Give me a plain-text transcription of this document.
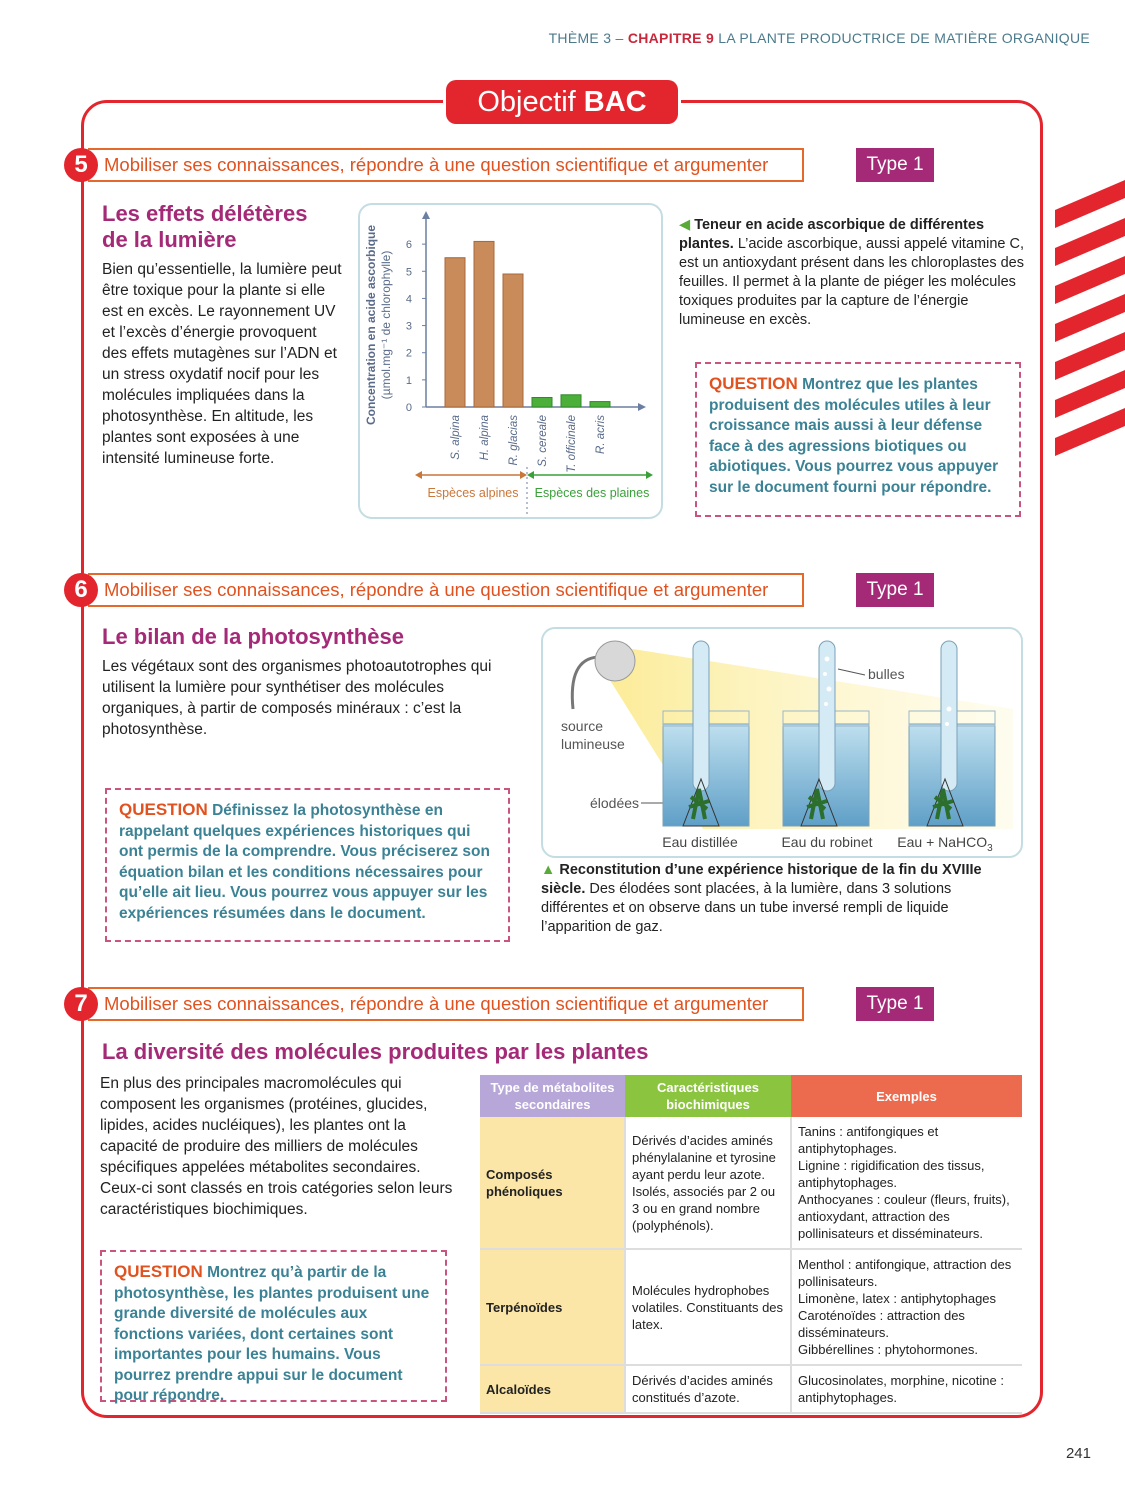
THÈME 3 – CHAPITRE 9 LA PLANTE PRODUCTRICE DE MATIÈRE ORGANIQUE
Objectif BAC
5 Mobiliser ses connaissances, répondre à une question scientifique et argumenter	Type 1
Les effets délétères
de la lumière
Bien qu’essentielle, la lumière peut être toxique pour la plante si elle est en excès. Le rayonnement UV et l’excès d’énergie provoquent des effets mutagènes sur l’ADN et un stress oxydatif nocif pour les molécules impliquées dans la photosynthèse. En altitude, les plantes sont exposées à une intensité lumineuse forte.
0
1
2
3
4
5
6
S. alpina H. alpina R. glacias S. cereale T. officinale R. acris
Concentration en acide ascorbique (µmol.mg⁻¹ de chlorophylle)
Espèces alpines Espèces des plaines
◀ Teneur en acide ascorbique de différentes plantes. L’acide ascorbique, aussi appelé vitamine C, est un antioxydant présent dans les chloroplastes des feuilles. Il permet à la plante de piéger les molécules toxiques produites par la capture de l’énergie lumineuse en excès.
QUESTION Montrez que les plantes produisent des molécules utiles à leur croissance mais aussi à leur défense face à des agressions biotiques ou abiotiques. Vous pourrez vous appuyer sur le document fourni pour répondre.
6 Mobiliser ses connaissances, répondre à une question scientifique et argumenter	Type 1
Le bilan de la photosynthèse
Les végétaux sont des organismes photoautotrophes qui utilisent la lumière pour synthétiser des molécules organiques, à partir de composés minéraux : c’est la photosynthèse.
QUESTION Définissez la photosynthèse en rappelant quelques expériences historiques qui ont permis de la comprendre. Vous préciserez son équation bilan et les conditions nécessaires pour qu’elle ait lieu. Vous pourrez vous appuyer sur les expériences résumées dans le document.
source
lumineuse
élodées
bulles
Eau distillée	Eau du robinet Eau + NaHCO$_3$
▲ Reconstitution d’une expérience historique de la fin du XVIIIe siècle. Des élodées sont placées, à la lumière, dans 3 solutions différentes et on observe dans un tube inversé rempli de liquide l’apparition de gaz.
7 Mobiliser ses connaissances, répondre à une question scientifique et argumenter	Type 1
La diversité des molécules produites par les plantes
En plus des principales macromolécules qui composent les organismes (protéines, glucides, lipides, acides nucléiques), les plantes ont la capacité de produire des milliers de molécules spécifiques appelées métabolites secondaires. Ceux-ci sont classés en trois catégories selon leurs caractéristiques biochimiques.
QUESTION Montrez qu’à partir de la photosynthèse, les plantes produisent une grande diversité de molécules aux fonctions variées, dont certaines sont importantes pour les humains. Vous pourrez prendre appui sur le document pour répondre.
Type de métabolites secondaires	Caractéristiques biochimiques	Exemples
Composés phénoliques	Dérivés d’acides aminés phénylalanine et tyrosine ayant perdu leur azote. Isolés, associés par 2 ou 3 ou en grand nombre (polyphénols).	Tanins : antifongiques et antiphytophages.
Lignine : rigidification des tissus, antiphytophages.
Anthocyanes : couleur (fleurs, fruits), antioxydant, attraction des pollinisateurs et disséminateurs.

Terpénoïdes	Molécules hydrophobes volatiles. Constituants des latex.	Menthol : antifongique, attraction des pollinisateurs.
Limonène, latex : antiphytophages
Caroténoïdes : attraction des disséminateurs.
Gibbérellines : phytohormones.

Alcaloïdes	Dérivés d’acides aminés constitués d’azote.	Glucosinolates, morphine, nicotine : antiphytophages.
241
